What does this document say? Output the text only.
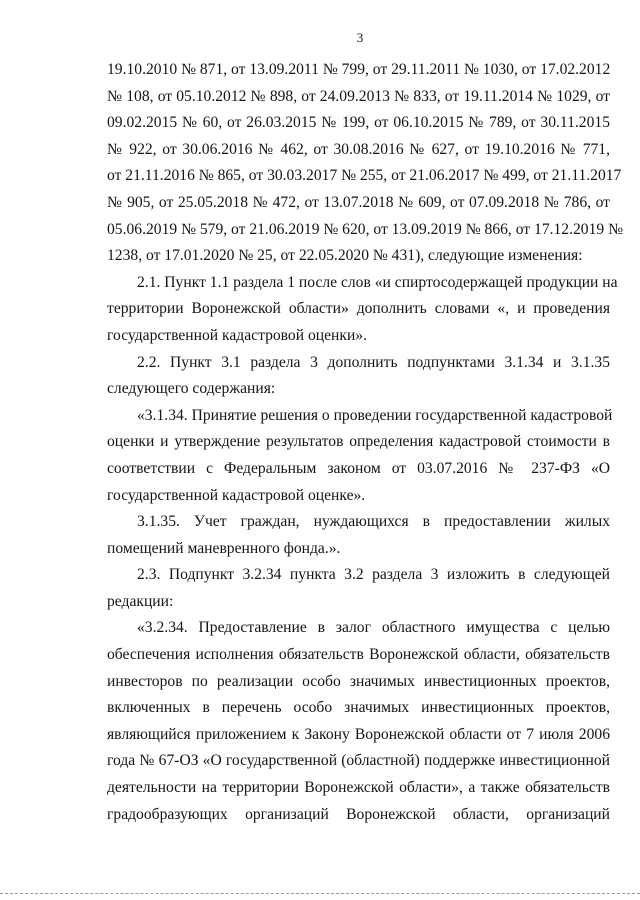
3
19.10.2010 № 871, от 13.09.2011 № 799, от 29.11.2011 № 1030, от 17.02.2012
№ 108, от 05.10.2012 № 898, от 24.09.2013 № 833, от 19.11.2014 № 1029, от
09.02.2015 № 60, от 26.03.2015 № 199, от 06.10.2015 № 789, от 30.11.2015
№ 922, от 30.06.2016 № 462, от 30.08.2016 № 627, от 19.10.2016 № 771,
от 21.11.2016 № 865, от 30.03.2017 № 255, от 21.06.2017 № 499, от 21.11.2017
№ 905, от 25.05.2018 № 472, от 13.07.2018 № 609, от 07.09.2018 № 786, от
05.06.2019 № 579, от 21.06.2019 № 620, от 13.09.2019 № 866, от 17.12.2019 №
1238, от 17.01.2020 № 25, от 22.05.2020 № 431), следующие изменения:
2.1. Пункт 1.1 раздела 1 после слов «и спиртосодержащей продукции на
территории Воронежской области» дополнить словами «, и проведения
государственной кадастровой оценки».
2.2. Пункт 3.1 раздела 3 дополнить подпунктами 3.1.34 и 3.1.35
следующего содержания:
«3.1.34. Принятие решения о проведении государственной кадастровой
оценки и утверждение результатов определения кадастровой стоимости в
соответствии с Федеральным законом от 03.07.2016 № 237-ФЗ «О
государственной кадастровой оценке».
3.1.35. Учет граждан, нуждающихся в предоставлении жилых
помещений маневренного фонда.».
2.3. Подпункт 3.2.34 пункта 3.2 раздела 3 изложить в следующей
редакции:
«3.2.34. Предоставление в залог областного имущества с целью
обеспечения исполнения обязательств Воронежской области, обязательств
инвесторов по реализации особо значимых инвестиционных проектов,
включенных в перечень особо значимых инвестиционных проектов,
являющийся приложением к Закону Воронежской области от 7 июля 2006
года № 67-ОЗ «О государственной (областной) поддержке инвестиционной
деятельности на территории Воронежской области», а также обязательств
градообразующих организаций Воронежской области, организаций
